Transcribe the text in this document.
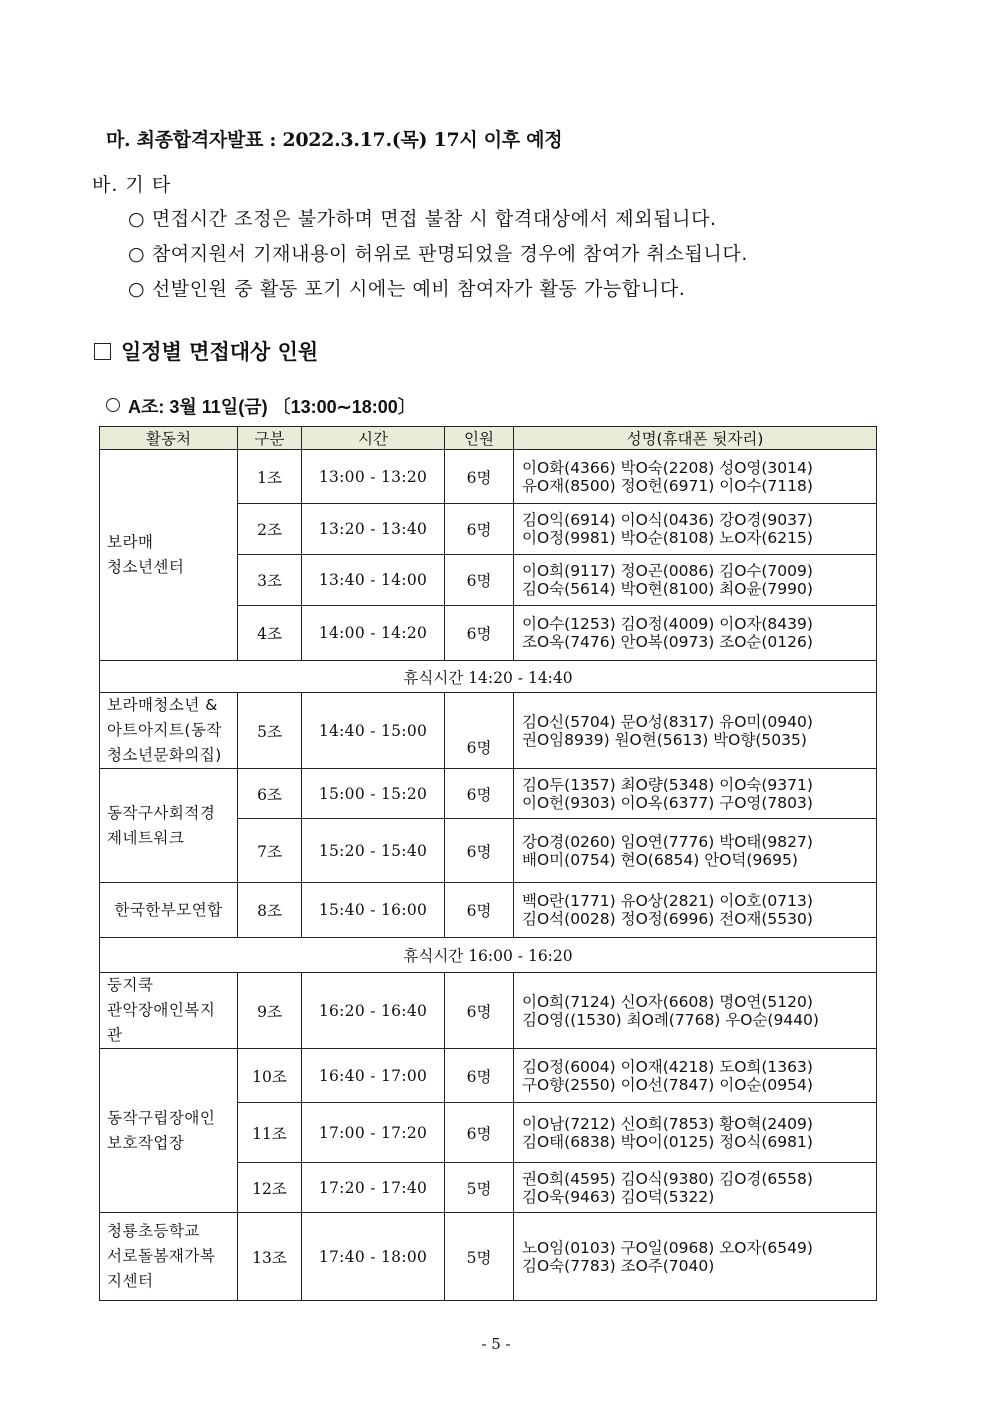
마. 최종합격자발표 : 2022.3.17.(목) 17시 이후 예정
바. 기 타
○ 면접시간 조정은 불가하며 면접 불참 시 합격대상에서 제외됩니다.
○ 참여지원서 기재내용이 허위로 판명되었을 경우에 참여가 취소됩니다.
○ 선발인원 중 활동 포기 시에는 예비 참여자가 활동 가능합니다.
일정별 면접대상 인원
A조: 3월 11일(금) 〔13:00∼18:00〕
활동처	구분	시간	인원	성명(휴대폰 뒷자리)

보라매
청소년센터
	1조	13:00 - 13:20	6명	
이O화(4366) 박O숙(2208) 성O영(3014)
유O재(8500) 정O헌(6971) 이O수(7118)

	2조	13:20 - 13:40	6명	김O익(6914) 이O식(0436) 강O경(9037)
이O정(9981) 박O순(8108) 노O자(6215)

	3조	13:40 - 14:00	6명	이O희(9117) 정O곤(0086) 김O수(7009)
김O숙(5614) 박O현(8100) 최O윤(7990)

	4조	14:00 - 14:20	6명	이O수(1253) 김O정(4009) 이O자(8439)
조O옥(7476) 안O복(0973) 조O순(0126)

휴식시간 14:20 - 14:40				

보라매청소년 &
아트아지트(동작
청소년문화의집)
	5조	14:40 - 15:00	6명	
김O신(5704) 문O성(8317) 유O미(0940)
권O임8939) 원O현(5613) 박O향(5035)

동작구사회적경
제네트워크
	6조	15:00 - 15:20	6명	
김O두(1357) 최O량(5348) 이O숙(9371)
이O헌(9303) 이O옥(6377) 구O영(7803)

	7조	15:20 - 15:40	6명	강O경(0260) 임O연(7776) 박O태(9827)
배O미(0754) 현O(6854) 안O덕(9695)

한국한부모연합	8조	15:40 - 16:00	6명	백O란(1771) 유O상(2821) 이O호(0713)
김O석(0028) 정O정(6996) 전O재(5530)

휴식시간 16:00 - 16:20				

둥지쿡
관악장애인복지
관
	9조	16:20 - 16:40	6명	
이O희(7124) 신O자(6608) 명O연(5120)
김O영((1530) 최O례(7768) 우O순(9440)

동작구립장애인
보호작업장
	10조	16:40 - 17:00	6명	
김O정(6004) 이O재(4218) 도O희(1363)
구O향(2550) 이O선(7847) 이O순(0954)

	11조	17:00 - 17:20	6명	이O남(7212) 신O희(7853) 황O혁(2409)
김O태(6838) 박O이(0125) 정O식(6981)

	12조	17:20 - 17:40	5명	권O희(4595) 김O식(9380) 김O경(6558)
김O욱(9463) 김O덕(5322)

청룡초등학교
서로돌봄재가복
지센터
	13조	17:40 - 18:00	5명	
노O임(0103) 구O일(0968) 오O자(6549)
김O숙(7783) 조O주(7040)
- 5 -
